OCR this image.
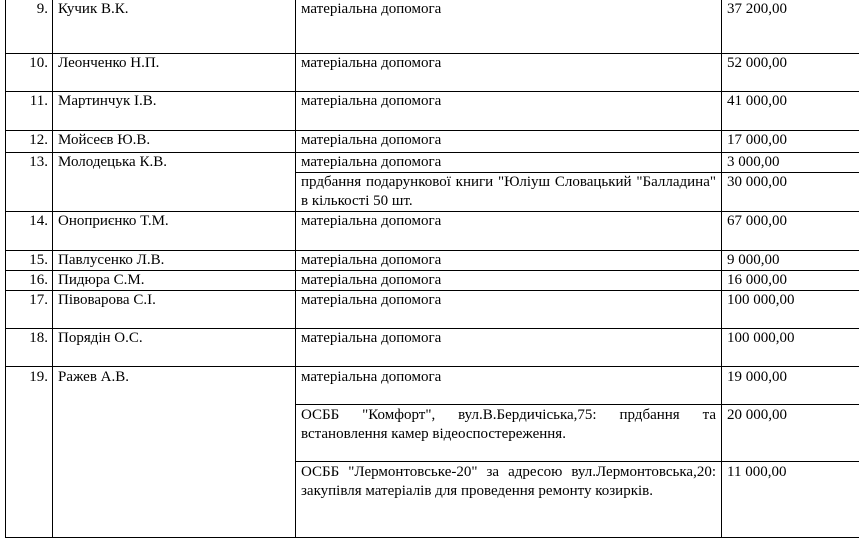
9.	Кучик В.К.	матеріальна допомога	37 200,00
10.	Леонченко Н.П.	матеріальна допомога	52 000,00
11.	Мартинчук І.В.	матеріальна допомога	41 000,00
12.	Мойсеєв Ю.В.	матеріальна допомога	17 000,00
13.	Молодецька К.В.	матеріальна допомога	3 000,00

		прдбання подарункової книги "Юліуш Словацький "Балладина" в кількості 50 шт.	30 000,00
14.	Оноприєнко Т.М.	матеріальна допомога	67 000,00
15.	Павлусенко Л.В.	матеріальна допомога	9 000,00
16.	Пидюра С.М.	матеріальна допомога	16 000,00
17.	Півоварова С.І.	матеріальна допомога	100 000,00
18.	Порядін О.С.	матеріальна допомога	100 000,00
19.	Ражев А.В.	матеріальна допомога	19 000,00

		ОСББ "Комфорт", вул.В.Бердичіська,75: прдбання та встановлення камер відеоспостереження.	20 000,00

		ОСББ "Лермонтовське-20" за адресою вул.Лермонтовська,20: закупівля матеріалів для проведення ремонту козирків.	11 000,00
